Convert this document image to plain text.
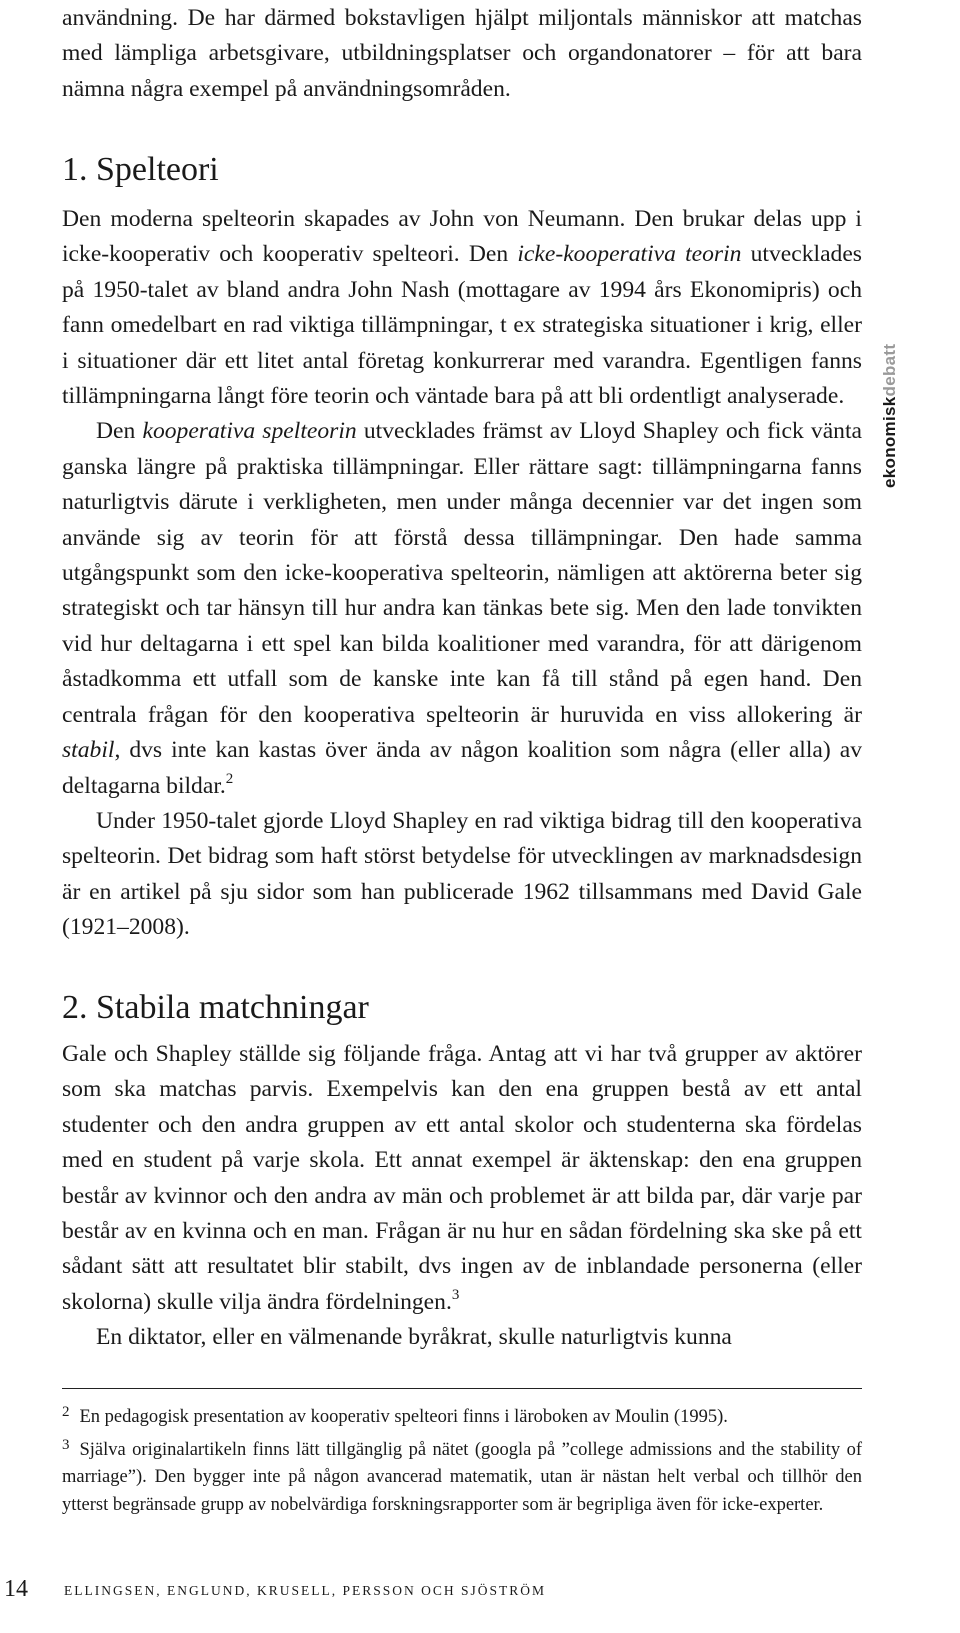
användning. De har därmed bokstavligen hjälpt miljontals människor att matchas med lämpliga arbetsgivare, utbildningsplatser och organdonatorer – för att bara nämna några exempel på användningsområden.

1. Spelteori

Den moderna spelteorin skapades av John von Neumann. Den brukar delas upp i icke-kooperativ och kooperativ spelteori. Den icke-kooperativa teorin utvecklades på 1950-talet av bland andra John Nash (mottagare av 1994 års Ekonomipris) och fann omedelbart en rad viktiga tillämpningar, t ex strategiska situationer i krig, eller i situationer där ett litet antal företag konkurrerar med varandra. Egentligen fanns tillämpningarna långt före teorin och väntade bara på att bli ordentligt analyserade.

Den kooperativa spelteorin utvecklades främst av Lloyd Shapley och fick vänta ganska längre på praktiska tillämpningar. Eller rättare sagt: tillämpningarna fanns naturligtvis därute i verkligheten, men under många decennier var det ingen som använde sig av teorin för att förstå dessa tillämpningar. Den hade samma utgångspunkt som den icke-kooperativa spelteorin, nämligen att aktörerna beter sig strategiskt och tar hänsyn till hur andra kan tänkas bete sig. Men den lade tonvikten vid hur deltagarna i ett spel kan bilda koalitioner med varandra, för att därigenom åstadkomma ett utfall som de kanske inte kan få till stånd på egen hand. Den centrala frågan för den kooperativa spelteorin är huruvida en viss allokering är stabil, dvs inte kan kastas över ända av någon koalition som några (eller alla) av deltagarna bildar.$^2$

Under 1950-talet gjorde Lloyd Shapley en rad viktiga bidrag till den kooperativa spelteorin. Det bidrag som haft störst betydelse för utvecklingen av marknadsdesign är en artikel på sju sidor som han publicerade 1962 tillsammans med David Gale (1921–2008).

2. Stabila matchningar

Gale och Shapley ställde sig följande fråga. Antag att vi har två grupper av aktörer som ska matchas parvis. Exempelvis kan den ena gruppen bestå av ett antal studenter och den andra gruppen av ett antal skolor och studenterna ska fördelas med en student på varje skola. Ett annat exempel är äktenskap: den ena gruppen består av kvinnor och den andra av män och problemet är att bilda par, där varje par består av en kvinna och en man. Frågan är nu hur en sådan fördelning ska ske på ett sådant sätt att resultatet blir stabilt, dvs ingen av de inblandade personerna (eller skolorna) skulle vilja ändra fördelningen.$^3$

En diktator, eller en välmenande byråkrat, skulle naturligtvis kunna

$^2$ En pedagogisk presentation av kooperativ spelteori finns i läroboken av Moulin (1995).

$^3$ Själva originalartikeln finns lätt tillgänglig på nätet (googla på ”college admissions and the stability of marriage”). Den bygger inte på någon avancerad matematik, utan är nästan helt verbal och tillhör den ytterst begränsade grupp av nobelvärdiga forskningsrapporter som är begripliga även för icke-experter.

ekonomiskdebatt
14	ELLINGSEN, ENGLUND, KRUSELL, PERSSON OCH SJÖSTRÖM
